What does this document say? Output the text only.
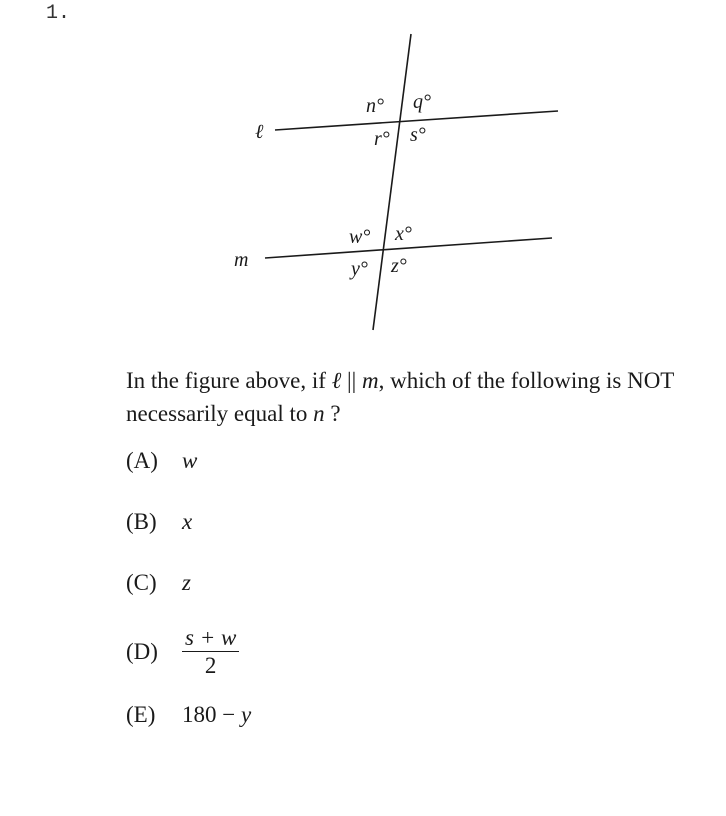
1.
ℓ
m
n° q°
r° s°
w° x°
y° z°
In the figure above, if ℓ || m, which of the following is NOT necessarily equal to n ?
(A) w
(B) x
(C) z
$(D) \frac{s + w}{2}$
(E) 180 − y
